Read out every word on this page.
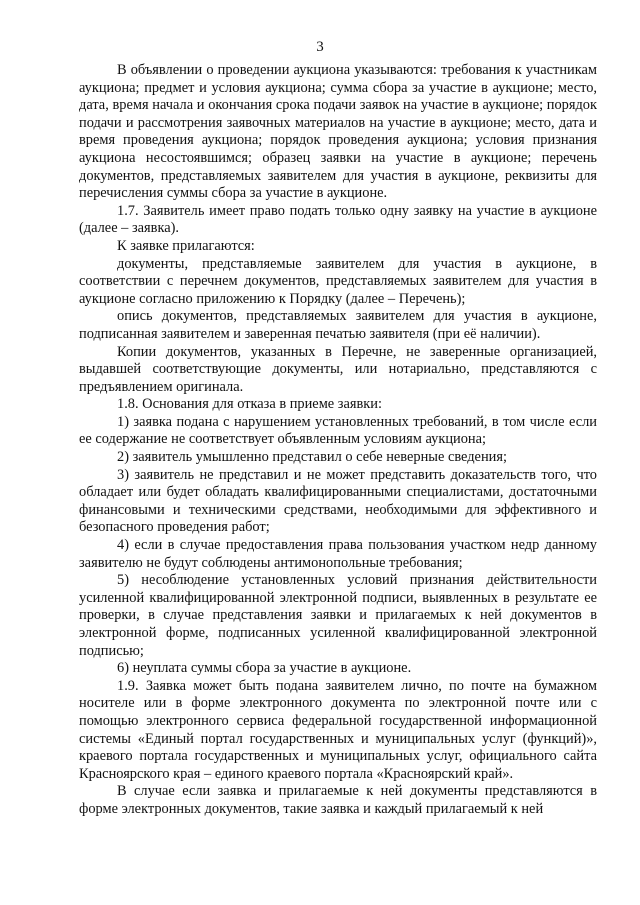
3

В объявлении о проведении аукциона указываются: требования к участникам аукциона; предмет и условия аукциона; сумма сбора за участие в аукционе; место, дата, время начала и окончания срока подачи заявок на участие в аукционе; порядок подачи и рассмотрения заявочных материалов на участие в аукционе; место, дата и время проведения аукциона; порядок проведения аукциона; условия признания аукциона несостоявшимся; образец заявки на участие в аукционе; перечень документов, представляемых заявителем для участия в аукционе, реквизиты для перечисления суммы сбора за участие в аукционе.

1.7. Заявитель имеет право подать только одну заявку на участие в аукционе (далее – заявка).

К заявке прилагаются:

документы, представляемые заявителем для участия в аукционе, в соответствии с перечнем документов, представляемых заявителем для участия в аукционе согласно приложению к Порядку (далее – Перечень);

опись документов, представляемых заявителем для участия в аукционе, подписанная заявителем и заверенная печатью заявителя (при её наличии).

Копии документов, указанных в Перечне, не заверенные организацией, выдавшей соответствующие документы, или нотариально, представляются с предъявлением оригинала.

1.8. Основания для отказа в приеме заявки:

1) заявка подана с нарушением установленных требований, в том числе если ее содержание не соответствует объявленным условиям аукциона;

2) заявитель умышленно представил о себе неверные сведения;

3) заявитель не представил и не может представить доказательств того, что обладает или будет обладать квалифицированными специалистами, достаточными финансовыми и техническими средствами, необходимыми для эффективного и безопасного проведения работ;

4) если в случае предоставления права пользования участком недр данному заявителю не будут соблюдены антимонопольные требования;

5) несоблюдение установленных условий признания действительности усиленной квалифицированной электронной подписи, выявленных в результате ее проверки, в случае представления заявки и прилагаемых к ней документов в электронной форме, подписанных усиленной квалифицированной электронной подписью;

6) неуплата суммы сбора за участие в аукционе.

1.9. Заявка может быть подана заявителем лично, по почте на бумажном носителе или в форме электронного документа по электронной почте или с помощью электронного сервиса федеральной государственной информационной системы «Единый портал государственных и муниципальных услуг (функций)», краевого портала государственных и муниципальных услуг, официального сайта Красноярского края – единого краевого портала «Красноярский край».

В случае если заявка и прилагаемые к ней документы представляются в форме электронных документов, такие заявка и каждый прилагаемый к ней
